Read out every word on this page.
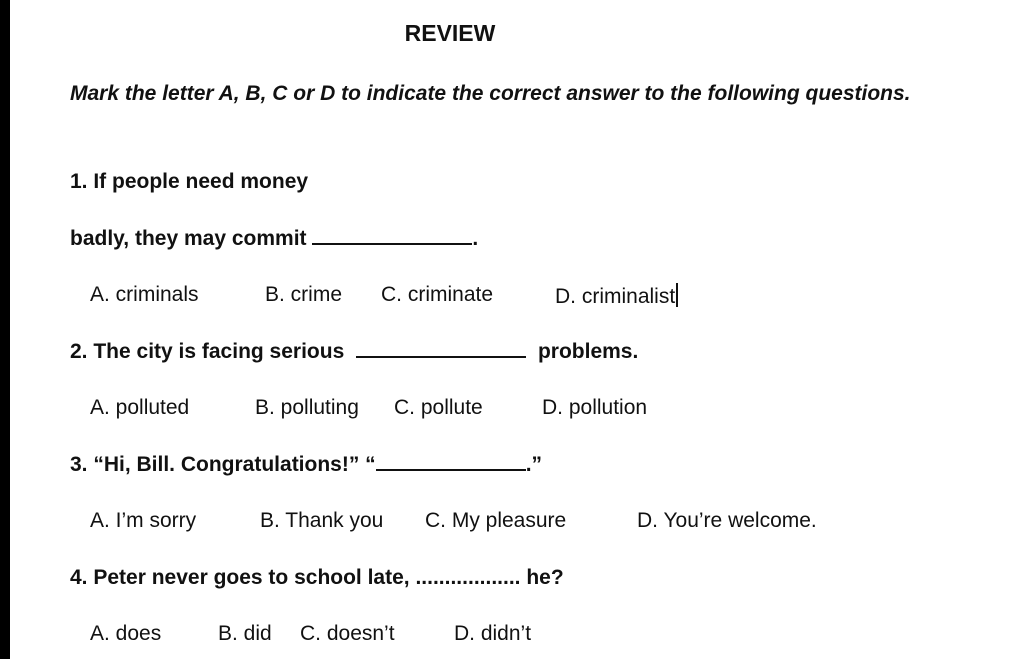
REVIEW
Mark the letter A, B, C or D to indicate the correct answer to the following questions.
1. If people need money
badly, they may commit	.
A. criminals	B. crime C. criminate	D. criminalist
2. The city is facing serious	problems.
A. polluted	B. polluting C. pollute	D. pollution
3. “Hi, Bill. Congratulations!” “	.”
A. I’m sorry	B. Thank you C. My pleasure	D. You’re welcome.
4. Peter never goes to school late, .................. he?
A. does	B. did C. doesn’t	D. didn’t
